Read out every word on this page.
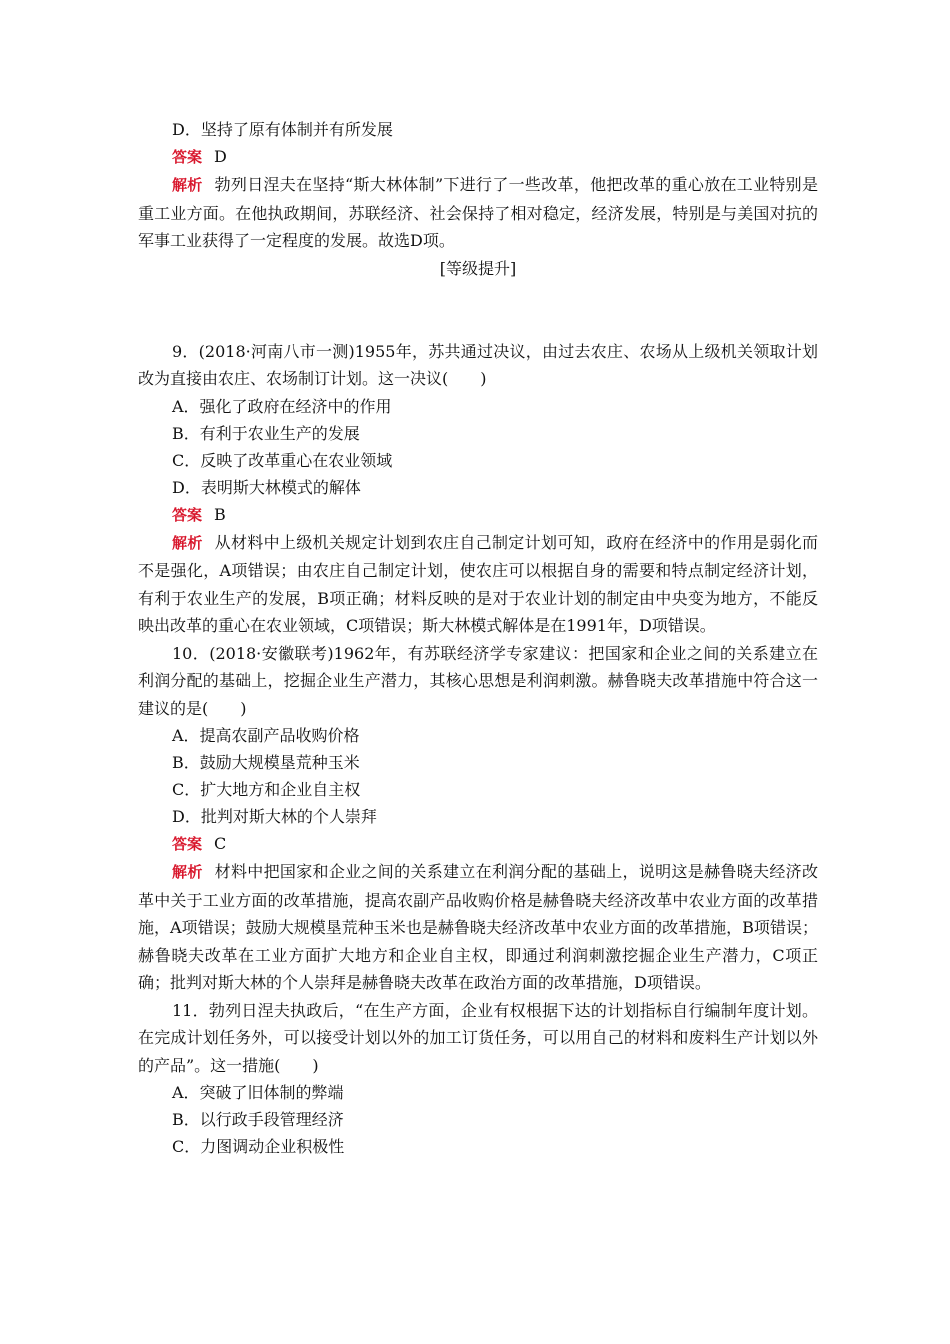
D．坚持了原有体制并有所发展
答案 D
解析 勃列日涅夫在坚持“斯大林体制”下进行了一些改革，他把改革的重心放在工业特别是重工业方面。在他执政期间，苏联经济、社会保持了相对稳定，经济发展，特别是与美国对抗的军事工业获得了一定程度的发展。故选D项。
[等级提升]
9．(2018·河南八市一测)1955年，苏共通过决议，由过去农庄、农场从上级机关领取计划改为直接由农庄、农场制订计划。这一决议(　　)
A．强化了政府在经济中的作用
B．有利于农业生产的发展
C．反映了改革重心在农业领域
D．表明斯大林模式的解体
答案 B
解析 从材料中上级机关规定计划到农庄自己制定计划可知，政府在经济中的作用是弱化而不是强化，A项错误；由农庄自己制定计划，使农庄可以根据自身的需要和特点制定经济计划，有利于农业生产的发展，B项正确；材料反映的是对于农业计划的制定由中央变为地方，不能反映出改革的重心在农业领域，C项错误；斯大林模式解体是在1991年，D项错误。
10．(2018·安徽联考)1962年，有苏联经济学专家建议：把国家和企业之间的关系建立在利润分配的基础上，挖掘企业生产潜力，其核心思想是利润刺激。赫鲁晓夫改革措施中符合这一建议的是(　　)
A．提高农副产品收购价格
B．鼓励大规模垦荒种玉米
C．扩大地方和企业自主权
D．批判对斯大林的个人崇拜
答案 C
解析 材料中把国家和企业之间的关系建立在利润分配的基础上，说明这是赫鲁晓夫经济改革中关于工业方面的改革措施，提高农副产品收购价格是赫鲁晓夫经济改革中农业方面的改革措施，A项错误；鼓励大规模垦荒种玉米也是赫鲁晓夫经济改革中农业方面的改革措施，B项错误；赫鲁晓夫改革在工业方面扩大地方和企业自主权，即通过利润刺激挖掘企业生产潜力，C项正确；批判对斯大林的个人崇拜是赫鲁晓夫改革在政治方面的改革措施，D项错误。
11．勃列日涅夫执政后，“在生产方面，企业有权根据下达的计划指标自行编制年度计划。在完成计划任务外，可以接受计划以外的加工订货任务，可以用自己的材料和废料生产计划以外的产品”。这一措施(　　)
A．突破了旧体制的弊端
B．以行政手段管理经济
C．力图调动企业积极性
